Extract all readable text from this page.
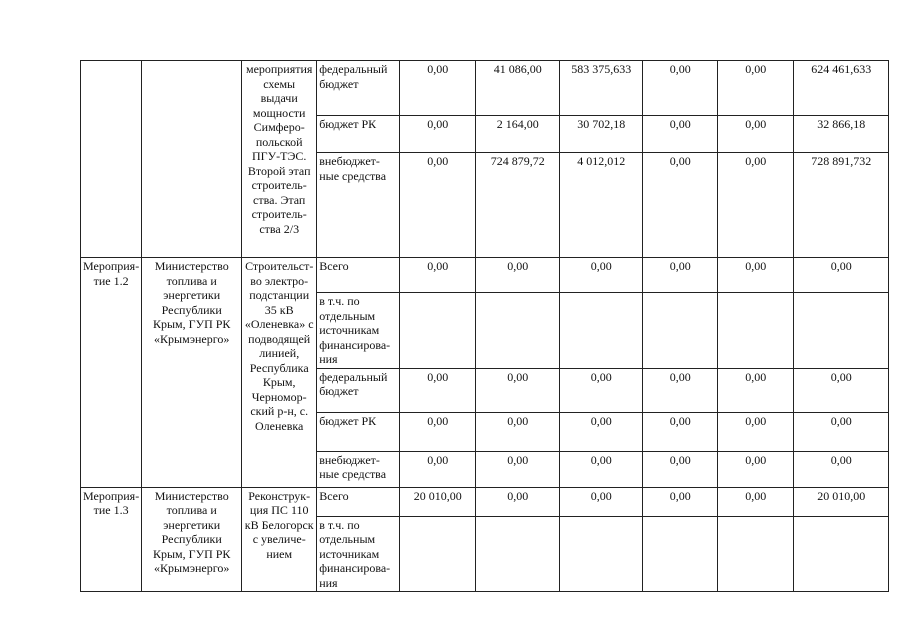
		мероприятия схемы выдачи мощности Симферо-польской ПГУ-ТЭС. Второй этап строитель-ства. Этап строитель-ства 2/3	федеральный бюджет	0,00	41 086,00	583 375,633	0,00	0,00	624 461,633
			бюджет РК	0,00	2 164,00	30 702,18	0,00	0,00	32 866,18
			внебюджет-ные средства	0,00	724 879,72	4 012,012	0,00	0,00	728 891,732
Мероприя-тие 1.2	Министерство топлива и энергетики Республики Крым, ГУП РК «Крымэнерго»	Строительст-во электро-подстанции 35 кВ «Оленевка» с подводящей линией, Республика Крым, Черномор-ский р-н, с. Оленевка	Всего	0,00	0,00	0,00	0,00	0,00	0,00
			в т.ч. по отдельным источникам финансирова-ния						
			федеральный бюджет	0,00	0,00	0,00	0,00	0,00	0,00
			бюджет РК	0,00	0,00	0,00	0,00	0,00	0,00
			внебюджет-ные средства	0,00	0,00	0,00	0,00	0,00	0,00
Мероприя-тие 1.3	Министерство топлива и энергетики Республики Крым, ГУП РК «Крымэнерго»	Реконструк-ция ПС 110 кВ Белогорск с увеличе-нием	Всего	20 010,00	0,00	0,00	0,00	0,00	20 010,00
			в т.ч. по отдельным источникам финансирова-ния						
